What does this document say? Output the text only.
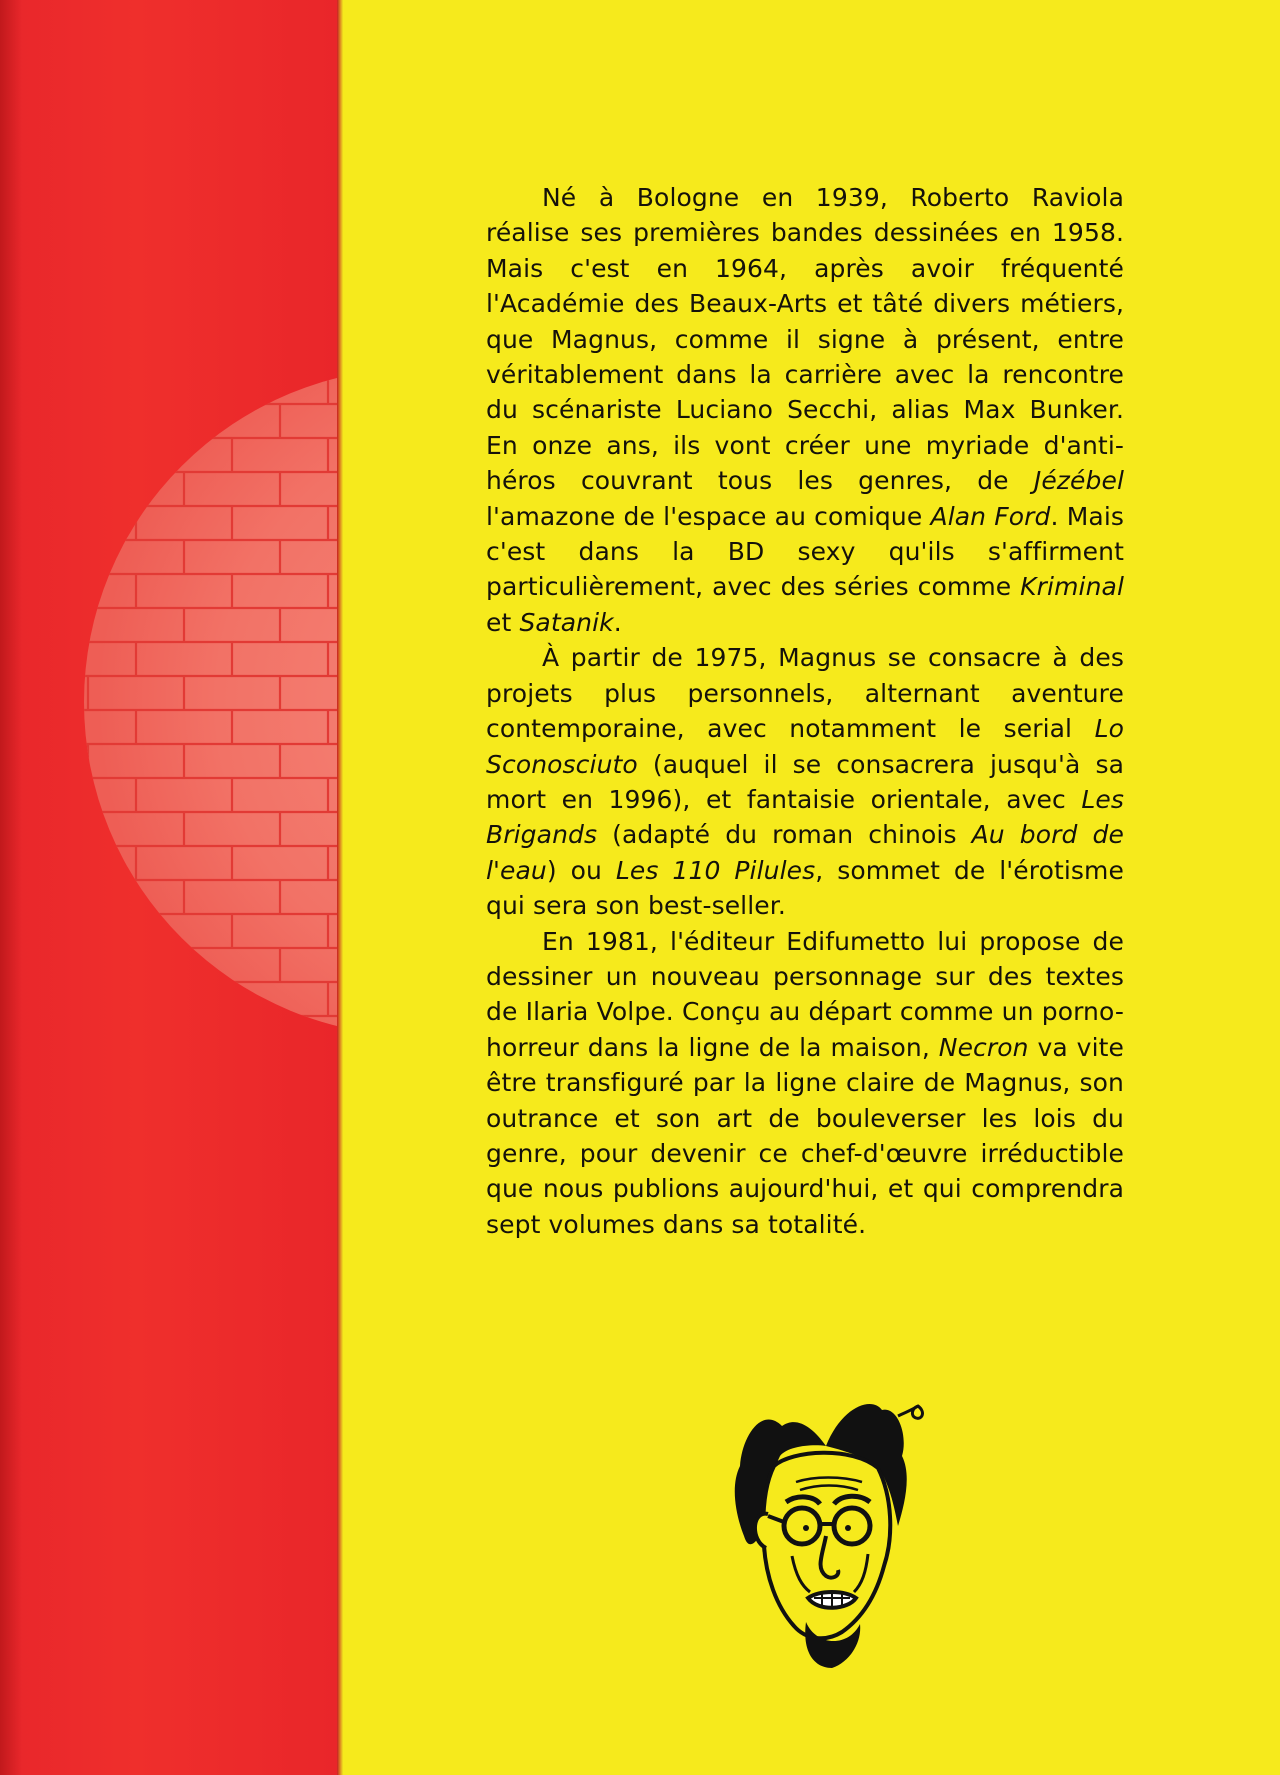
Né à Bologne en 1939, Roberto Raviola réalise ses premières bandes dessinées en 1958. Mais c'est en 1964, après avoir fréquenté l'Académie des Beaux-Arts et tâté divers métiers, que Magnus, comme il signe à présent, entre véritablement dans la carrière avec la rencontre du scénariste Luciano Secchi, alias Max Bunker. En onze ans, ils vont créer une myriade d'anti-héros couvrant tous les genres, de Jézébel l'amazone de l'espace au comique Alan Ford. Mais c'est dans la BD sexy qu'ils s'affirment particulièrement, avec des séries comme Kriminal et Satanik.

À partir de 1975, Magnus se consacre à des projets plus personnels, alternant aventure contemporaine, avec notamment le serial Lo Sconosciuto (auquel il se consacrera jusqu'à sa mort en 1996), et fantaisie orientale, avec Les Brigands (adapté du roman chinois Au bord de l'eau) ou Les 110 Pilules, sommet de l'érotisme qui sera son best-seller.

En 1981, l'éditeur Edifumetto lui propose de dessiner un nouveau personnage sur des textes de Ilaria Volpe. Conçu au départ comme un porno-horreur dans la ligne de la maison, Necron va vite être transfiguré par la ligne claire de Magnus, son outrance et son art de bouleverser les lois du genre, pour devenir ce chef-d'œuvre irréductible que nous publions aujourd'hui, et qui comprendra sept volumes dans sa totalité.
